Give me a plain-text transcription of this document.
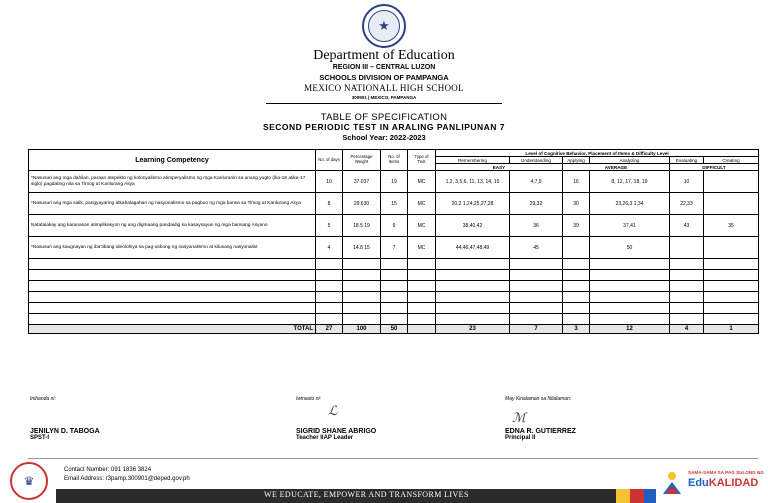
★
Department of Education
REGION III – CENTRAL LUZON
SCHOOLS DIVISION OF PAMPANGA
MEXICO NATIONALL HIGH SCHOOL
300901 | MEXICO, PAMPANGA
TABLE OF SPECIFICATION
SECOND PERIODIC TEST IN ARALING PANLIPUNAN 7
School Year: 2022-2023
Learning Competency	No. of days	Percentage Weight	No. of Items	Type of Test	Level of Cognitive Behavior, Placement of Items & Difficulty Level					
					Remembering	Understanding	Applying	Analyzing	Evaluating	Creating
					EASY		AVERAGE		DIFFICULT	
*Nasusuri ang mga dahilan, paraan atepekto ng kolonyalismo atimperyalismo ng mga Kanluranin sa unang yugto (ika-16 atika-17 siglo) pagdating nila sa Timog at Kanlurang Asya	10	37.037	19	MC	1,2, 3,5,6, 11, 13, 14, 15	4,7,9	16	8, 12, 17, 18, 19	10	
*Nasusuri ang mga salik, pangyayaring atkahalagahan ng nasyonalismo sa pagbuo ng mga bansa sa Timog at Kanlurang Asya	8	29.630	15	MC	20,2 1,24,25,27,28	29,32	30	23,26,3 1,34	22,33	
Natataiakay ang karanasan atimplikasyon ng ang digmaang pandaidig sa kasaysayan ng mga bansang Asyano	5	18.5 19	9	MC	38,40,42	36	39	37,41	43	35
*Nasusuri ang kaugnayan ng iba’tibang ideolohiya sa pag-usbong ng nasyonalismo at kilusang nasyonalist	4	14.8 15	7	MC	44,46,47,48,49	45		50		

TOTAL	27	100	50		23	7	3	12	4	1
Inihanda ni:
JENILYN D. TABOGA
SPST-I
ℒ
Iwinasto ni:
SIGRID SHANE ABRIGO
Teacher IIAP Leader
ℳ
May Kinalaman sa Nilalaman:
EDNA R. GUTIERREZ
Principal II
♛
Contact Number: 091 1836 3824
Email Address: r3pamp.300901@deped.gov.ph
WE EDUCATE, EMPOWER AND TRANSFORM LIVES
SAMA-SAMA SA PAG SULONG NG
EduKALIDAD
